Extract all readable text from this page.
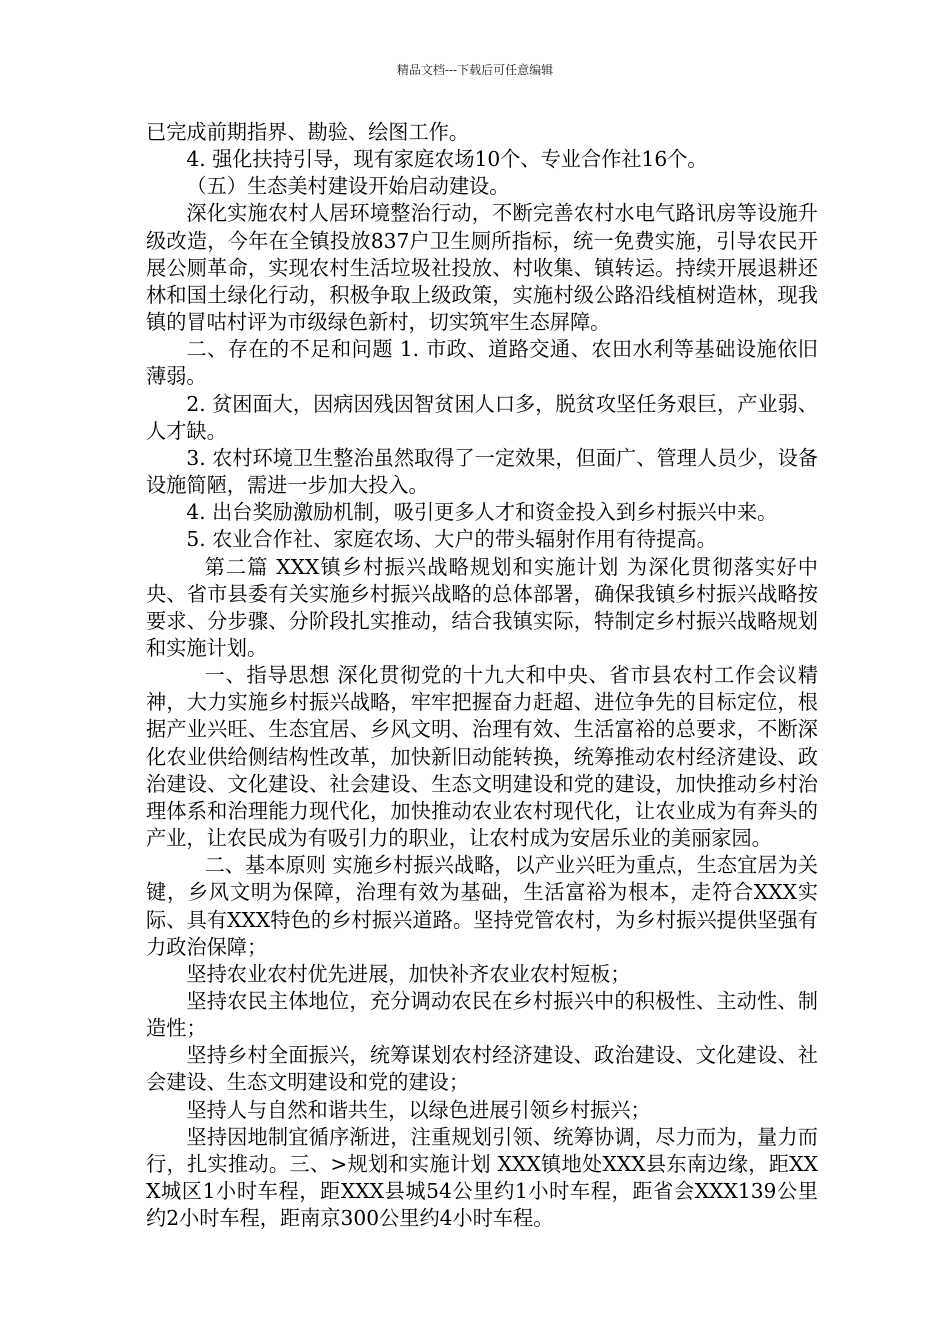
精品文档---下载后可任意编辑

已完成前期指界、勘验、绘图工作。

4. 强化扶持引导，现有家庭农场10个、专业合作社16个。

（五）生态美村建设开始启动建设。

深化实施农村人居环境整治行动，不断完善农村水电气路讯房等设施升级改造，今年在全镇投放837户卫生厕所指标，统一免费实施，引导农民开展公厕革命，实现农村生活垃圾社投放、村收集、镇转运。持续开展退耕还林和国土绿化行动，积极争取上级政策，实施村级公路沿线植树造林，现我镇的冒咕村评为市级绿色新村，切实筑牢生态屏障。

二、存在的不足和问题 1. 市政、道路交通、农田水利等基础设施依旧薄弱。

2. 贫困面大，因病因残因智贫困人口多，脱贫攻坚任务艰巨，产业弱、人才缺。

3. 农村环境卫生整治虽然取得了一定效果，但面广、管理人员少，设备设施简陋，需进一步加大投入。

4. 出台奖励激励机制，吸引更多人才和资金投入到乡村振兴中来。

5. 农业合作社、家庭农场、大户的带头辐射作用有待提高。

第二篇 XXX镇乡村振兴战略规划和实施计划 为深化贯彻落实好中央、省市县委有关实施乡村振兴战略的总体部署，确保我镇乡村振兴战略按要求、分步骤、分阶段扎实推动，结合我镇实际，特制定乡村振兴战略规划和实施计划。

一、指导思想 深化贯彻党的十九大和中央、省市县农村工作会议精神，大力实施乡村振兴战略，牢牢把握奋力赶超、进位争先的目标定位，根据产业兴旺、生态宜居、乡风文明、治理有效、生活富裕的总要求，不断深化农业供给侧结构性改革，加快新旧动能转换，统筹推动农村经济建设、政治建设、文化建设、社会建设、生态文明建设和党的建设，加快推动乡村治理体系和治理能力现代化，加快推动农业农村现代化，让农业成为有奔头的产业，让农民成为有吸引力的职业，让农村成为安居乐业的美丽家园。

二、基本原则 实施乡村振兴战略，以产业兴旺为重点，生态宜居为关键，乡风文明为保障，治理有效为基础，生活富裕为根本，走符合XXX实际、具有XXX特色的乡村振兴道路。坚持党管农村，为乡村振兴提供坚强有力政治保障；

坚持农业农村优先进展，加快补齐农业农村短板；

坚持农民主体地位，充分调动农民在乡村振兴中的积极性、主动性、制造性；

坚持乡村全面振兴，统筹谋划农村经济建设、政治建设、文化建设、社会建设、生态文明建设和党的建设；

坚持人与自然和谐共生，以绿色进展引领乡村振兴；

坚持因地制宜循序渐进，注重规划引领、统筹协调，尽力而为，量力而行，扎实推动。三、>规划和实施计划 XXX镇地处XXX县东南边缘，距XXX城区1小时车程，距XXX县城54公里约1小时车程，距省会XXX139公里约2小时车程，距南京300公里约4小时车程。
